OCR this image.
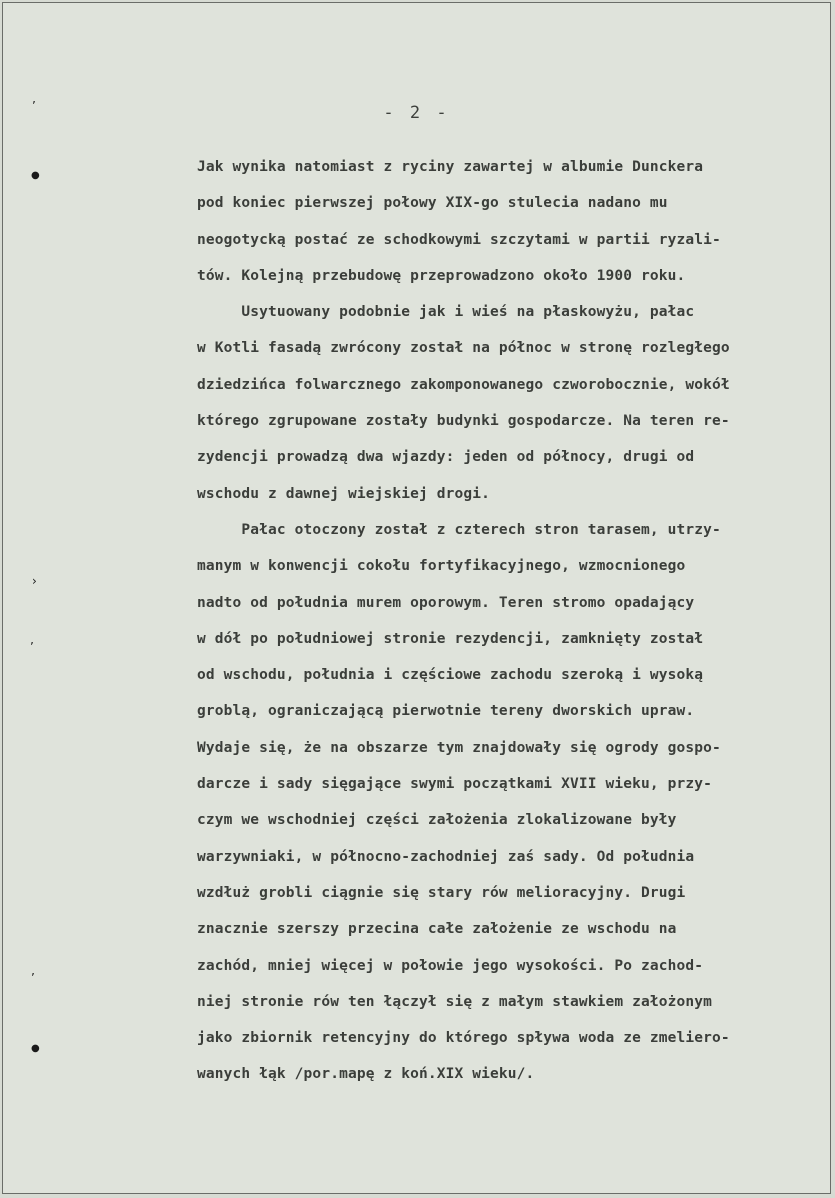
- 2 -
Jak wynika natomiast z ryciny zawartej w albumie Dunckera
pod koniec pierwszej połowy XIX-go stulecia nadano mu
neogotycką postać ze schodkowymi szczytami w partii ryzali-
tów. Kolejną przebudowę przeprowadzono około 1900 roku.
Usytuowany podobnie jak i wieś na płaskowyżu, pałac
w Kotli fasadą zwrócony został na północ w stronę rozległego
dziedzińca folwarcznego zakomponowanego czworobocznie, wokół
którego zgrupowane zostały budynki gospodarcze. Na teren re-
zydencji prowadzą dwa wjazdy: jeden od północy, drugi od
wschodu z dawnej wiejskiej drogi.
Pałac otoczony został z czterech stron tarasem, utrzy-
manym w konwencji cokołu fortyfikacyjnego, wzmocnionego
nadto od południa murem oporowym. Teren stromo opadający
w dół po południowej stronie rezydencji, zamknięty został
od wschodu, południa i częściowe zachodu szeroką i wysoką
groblą, ograniczającą pierwotnie tereny dworskich upraw.
Wydaje się, że na obszarze tym znajdowały się ogrody gospo-
darcze i sady sięgające swymi początkami XVII wieku, przy-
czym we wschodniej części założenia zlokalizowane były
warzywniaki, w północno-zachodniej zaś sady. Od południa
wzdłuż grobli ciągnie się stary rów melioracyjny. Drugi
znacznie szerszy przecina całe założenie ze wschodu na
zachód, mniej więcej w połowie jego wysokości. Po zachod-
niej stronie rów ten łączył się z małym stawkiem założonym
jako zbiornik retencyjny do którego spływa woda ze zmeliero-
wanych łąk /por.mapę z koń.XIX wieku/.
’
●
›
’
’
●
